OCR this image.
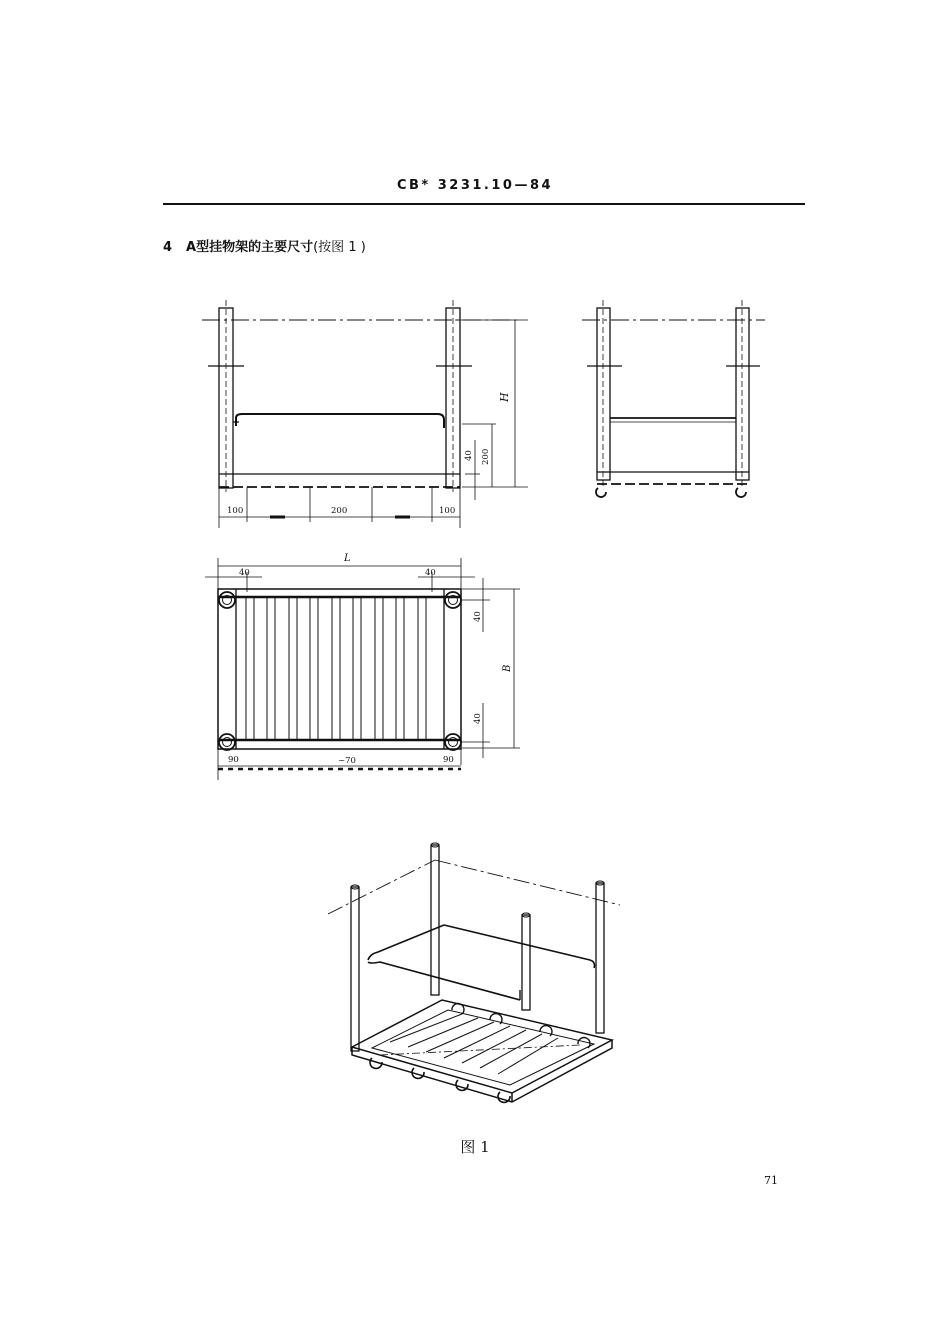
CB* 3231.10—84
4 A型挂物架的主要尺寸(按图 1 )
H
40 200
100	200	100
L
40	40
40
B
40
90	~70	90
图 1
71
